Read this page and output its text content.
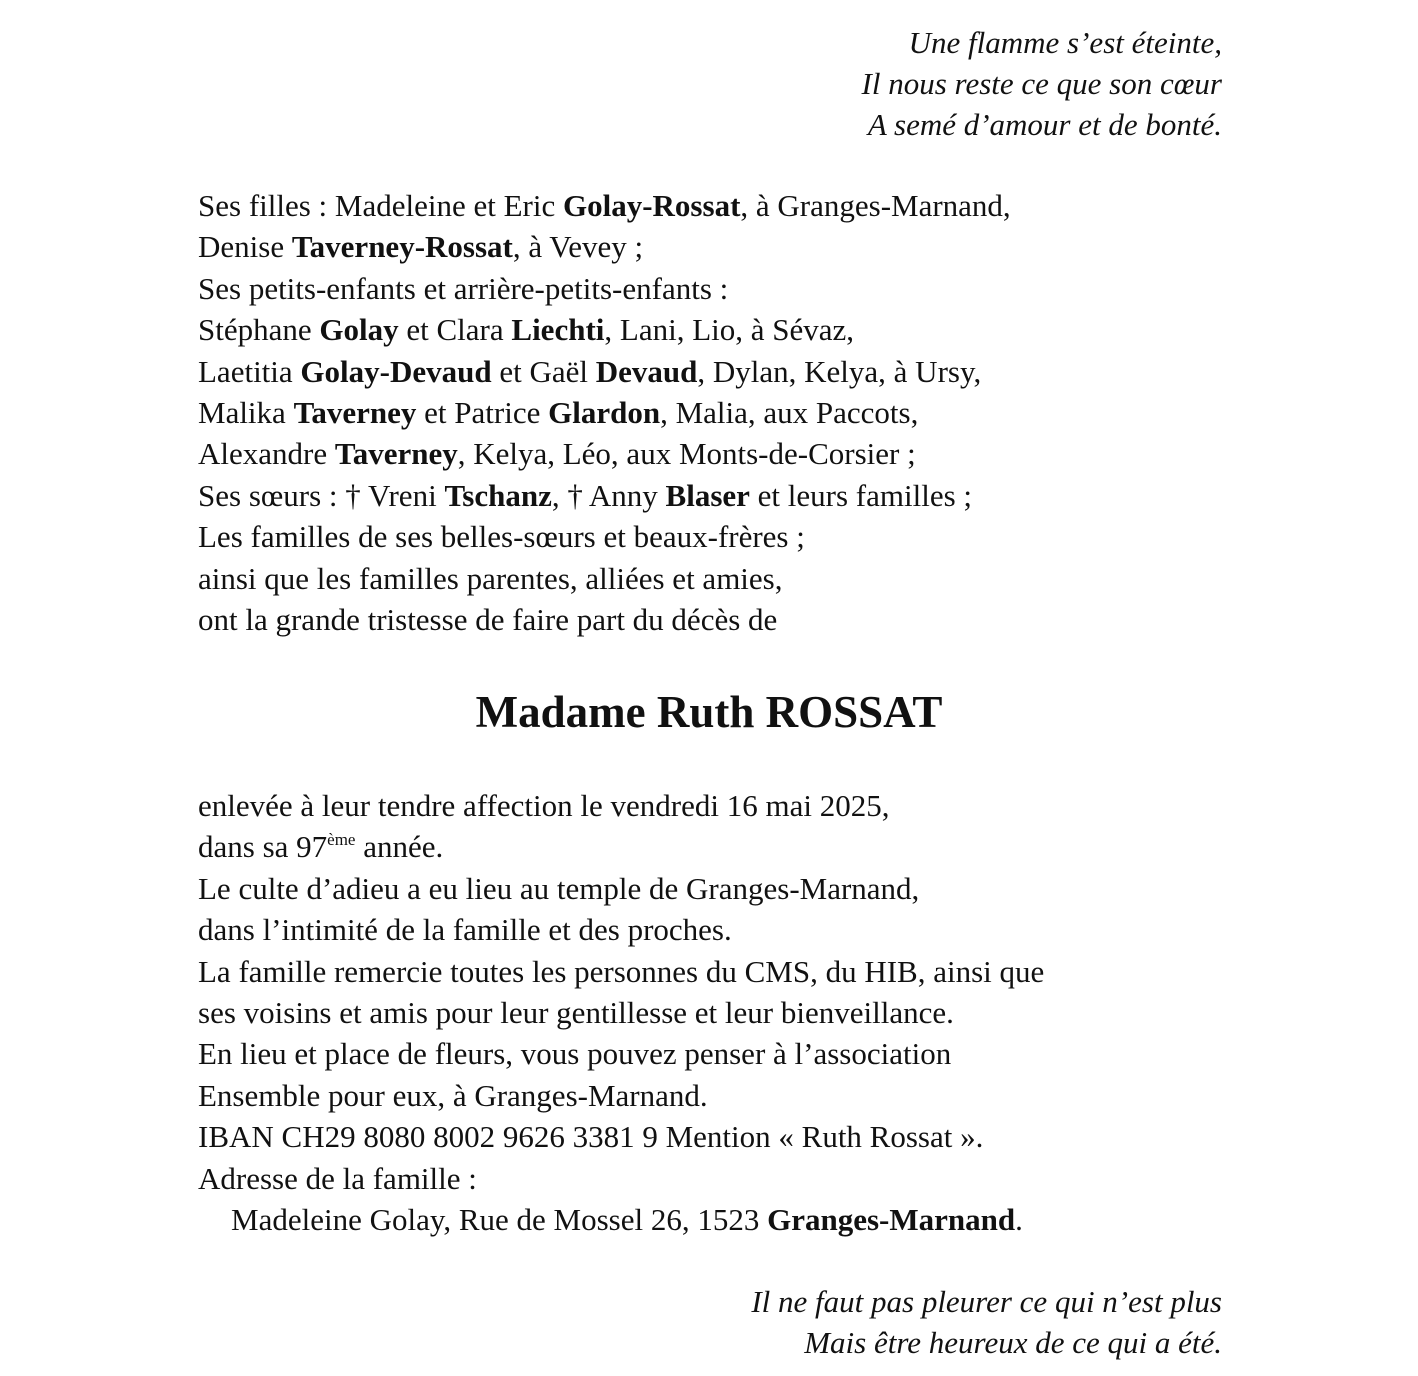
Une flamme s’est éteinte,
Il nous reste ce que son cœur
A semé d’amour et de bonté.
Ses filles : Madeleine et Eric Golay-Rossat, à Granges-Marnand,
Denise Taverney-Rossat, à Vevey ;
Ses petits-enfants et arrière-petits-enfants :
Stéphane Golay et Clara Liechti, Lani, Lio, à Sévaz,
Laetitia Golay-Devaud et Gaël Devaud, Dylan, Kelya, à Ursy,
Malika Taverney et Patrice Glardon, Malia, aux Paccots,
Alexandre Taverney, Kelya, Léo, aux Monts-de-Corsier ;
Ses sœurs : † Vreni Tschanz, † Anny Blaser et leurs familles ;
Les familles de ses belles-sœurs et beaux-frères ;
ainsi que les familles parentes, alliées et amies,
ont la grande tristesse de faire part du décès de
Madame Ruth ROSSAT
enlevée à leur tendre affection le vendredi 16 mai 2025,
dans sa 97ème année.
Le culte d’adieu a eu lieu au temple de Granges-Marnand,
dans l’intimité de la famille et des proches.
La famille remercie toutes les personnes du CMS, du HIB, ainsi que
ses voisins et amis pour leur gentillesse et leur bienveillance.
En lieu et place de fleurs, vous pouvez penser à l’association
Ensemble pour eux, à Granges-Marnand.
IBAN CH29 8080 8002 9626 3381 9 Mention « Ruth Rossat ».
Adresse de la famille :
Madeleine Golay, Rue de Mossel 26, 1523 Granges-Marnand.
Il ne faut pas pleurer ce qui n’est plus
Mais être heureux de ce qui a été.
